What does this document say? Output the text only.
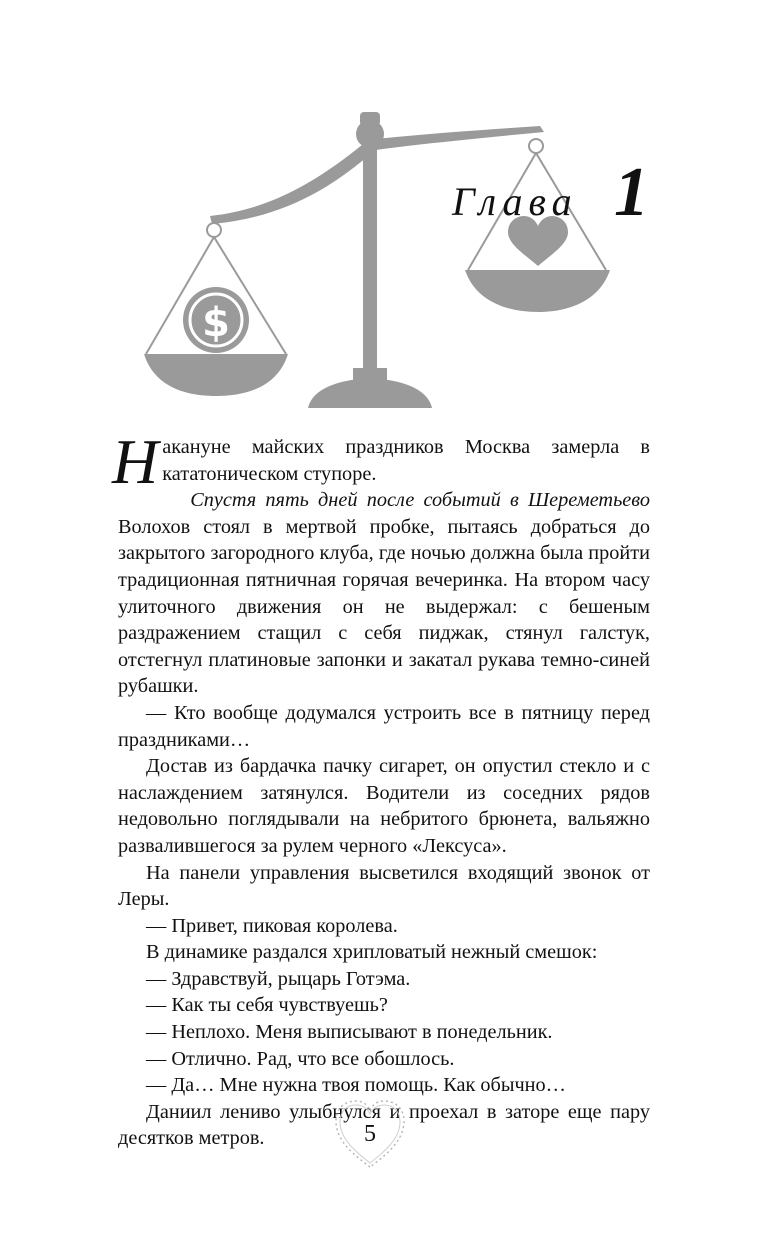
$
Глава 1

Накануне майских праздников Москва замерла в кататоническом ступоре.

Спустя пять дней после событий в Шереметьево Волохов стоял в мертвой пробке, пытаясь добраться до закрытого загородного клуба, где ночью должна была пройти традиционная пятничная горячая вечеринка. На втором часу улиточного движения он не выдержал: с бешеным раздражением стащил с себя пиджак, стянул галстук, отстегнул платиновые запонки и закатал рукава темно-синей рубашки.

— Кто вообще додумался устроить все в пятницу перед праздниками…

Достав из бардачка пачку сигарет, он опустил стекло и с наслаждением затянулся. Водители из соседних рядов недовольно поглядывали на небритого брюнета, вальяжно развалившегося за рулем черного «Лексуса».

На панели управления высветился входящий звонок от Леры.

— Привет, пиковая королева.

В динамике раздался хрипловатый нежный смешок:

— Здравствуй, рыцарь Готэма.

— Как ты себя чувствуешь?

— Неплохо. Меня выписывают в понедельник.

— Отлично. Рад, что все обошлось.

— Да… Мне нужна твоя помощь. Как обычно…

Даниил лениво улыбнулся и проехал в заторе еще пару десятков метров.	5
